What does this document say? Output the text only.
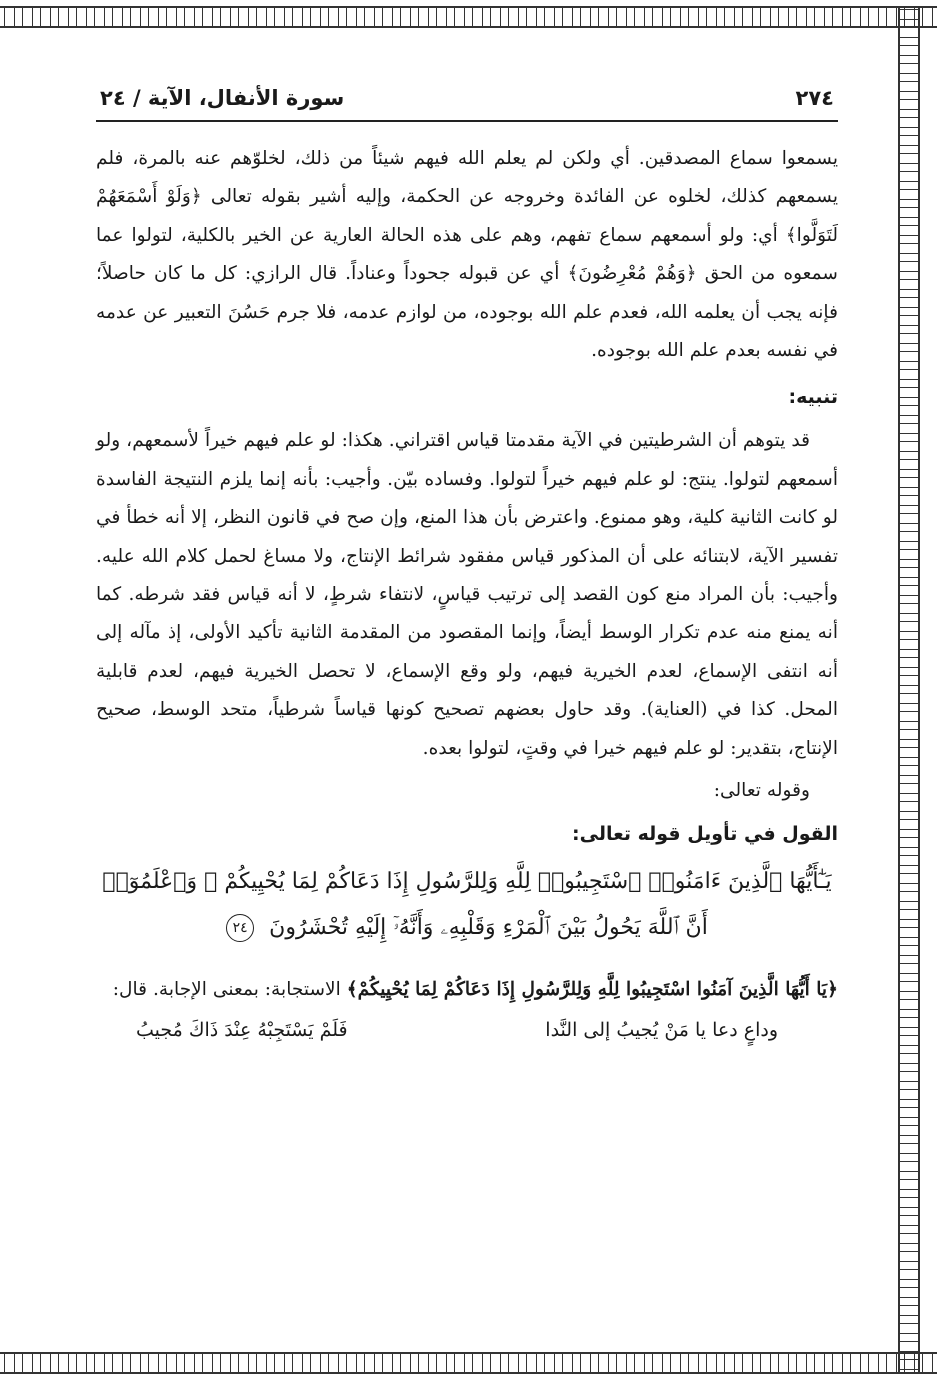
٢٧٤
سورة الأنفال، الآية / ٢٤

يسمعوا سماع المصدقين. أي ولكن لم يعلم الله فيهم شيئاً من ذلك، لخلوّهم عنه بالمرة، فلم يسمعهم كذلك، لخلوه عن الفائدة وخروجه عن الحكمة، وإليه أشير بقوله تعالى ﴿وَلَوْ أَسْمَعَهُمْ لَتَوَلَّوا﴾ أي: ولو أسمعهم سماع تفهم، وهم على هذه الحالة العارية عن الخير بالكلية، لتولوا عما سمعوه من الحق ﴿وَهُمْ مُعْرِضُونَ﴾ أي عن قبوله جحوداً وعناداً. قال الرازي: كل ما كان حاصلاً؛ فإنه يجب أن يعلمه الله، فعدم علم الله بوجوده، من لوازم عدمه، فلا جرم حَسُنَ التعبير عن عدمه في نفسه بعدم علم الله بوجوده.

تنبيه:

قد يتوهم أن الشرطيتين في الآية مقدمتا قياس اقتراني. هكذا: لو علم فيهم خيراً لأسمعهم، ولو أسمعهم لتولوا. ينتج: لو علم فيهم خيراً لتولوا. وفساده بيّن. وأجيب: بأنه إنما يلزم النتيجة الفاسدة لو كانت الثانية كلية، وهو ممنوع. واعترض بأن هذا المنع، وإن صح في قانون النظر، إلا أنه خطأ في تفسير الآية، لابتنائه على أن المذكور قياس مفقود شرائط الإنتاج، ولا مساغ لحمل كلام الله عليه. وأجيب: بأن المراد منع كون القصد إلى ترتيب قياسٍ، لانتفاء شرطٍ، لا أنه قياس فقد شرطه. كما أنه يمنع منه عدم تكرار الوسط أيضاً، وإنما المقصود من المقدمة الثانية تأكيد الأولى، إذ مآله إلى أنه انتفى الإسماع، لعدم الخيرية فيهم، ولو وقع الإسماع، لا تحصل الخيرية فيهم، لعدم قابلية المحل. كذا في (العناية). وقد حاول بعضهم تصحيح كونها قياساً شرطياً، متحد الوسط، صحيح الإنتاج، بتقدير: لو علم فيهم خيرا في وقتٍ، لتولوا بعده.

وقوله تعالى:

القول في تأويل قوله تعالى:
يَـٰٓأَيُّهَا ٱلَّذِينَ ءَامَنُوا۟ ٱسْتَجِيبُوا۟ لِلَّهِ وَلِلرَّسُولِ إِذَا دَعَاكُمْ لِمَا يُحْيِيكُمْ ۖ وَٱعْلَمُوٓا۟
أَنَّ ٱللَّهَ يَحُولُ بَيْنَ ٱلْمَرْءِ وَقَلْبِهِۦ وَأَنَّهُۥٓ إِلَيْهِ تُحْشَرُونَ ٢٤

﴿يَا أَيُّهَا الَّذِينَ آمَنُوا اسْتَجِيبُوا لِلَّهِ وَلِلرَّسُولِ إِذَا دَعَاكُمْ لِمَا يُحْيِيكُمْ﴾ الاستجابة: بمعنى الإجابة. قال:

وداعٍ دعا يا مَنْ يُجيبُ إلى النَّدا
فَلَمْ يَسْتَجِبْهُ عِنْدَ ذَاكَ مُجيبُ
